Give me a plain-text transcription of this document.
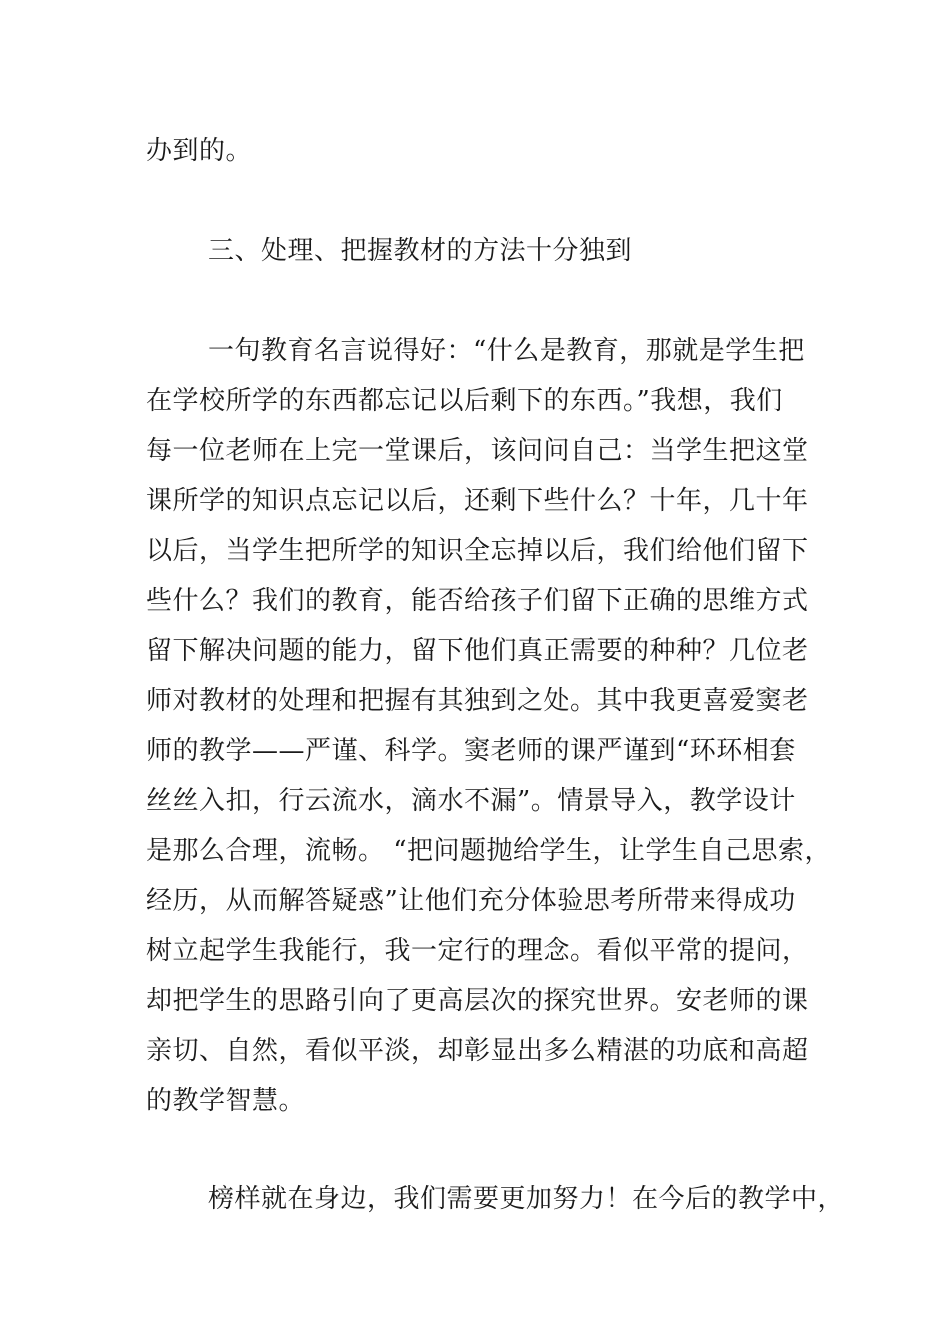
办到的。
三、处理、把握教材的方法十分独到
一句教育名言说得好：“什么是教育，那就是学生把
在学校所学的东西都忘记以后剩下的东西。”我想，我们
每一位老师在上完一堂课后，该问问自己：当学生把这堂
课所学的知识点忘记以后，还剩下些什么？十年，几十年
以后，当学生把所学的知识全忘掉以后，我们给他们留下
些什么？我们的教育，能否给孩子们留下正确的思维方式
留下解决问题的能力，留下他们真正需要的种种？几位老
师对教材的处理和把握有其独到之处。其中我更喜爱窦老
师的教学——严谨、科学。窦老师的课严谨到“环环相套
丝丝入扣，行云流水，滴水不漏”。情景导入，教学设计
是那么合理，流畅。 “把问题抛给学生，让学生自己思索，
经历，从而解答疑惑”让他们充分体验思考所带来得成功
树立起学生我能行，我一定行的理念。看似平常的提问，
却把学生的思路引向了更高层次的探究世界。安老师的课
亲切、自然，看似平淡，却彰显出多么精湛的功底和高超
的教学智慧。
榜样就在身边，我们需要更加努力！在今后的教学中，
